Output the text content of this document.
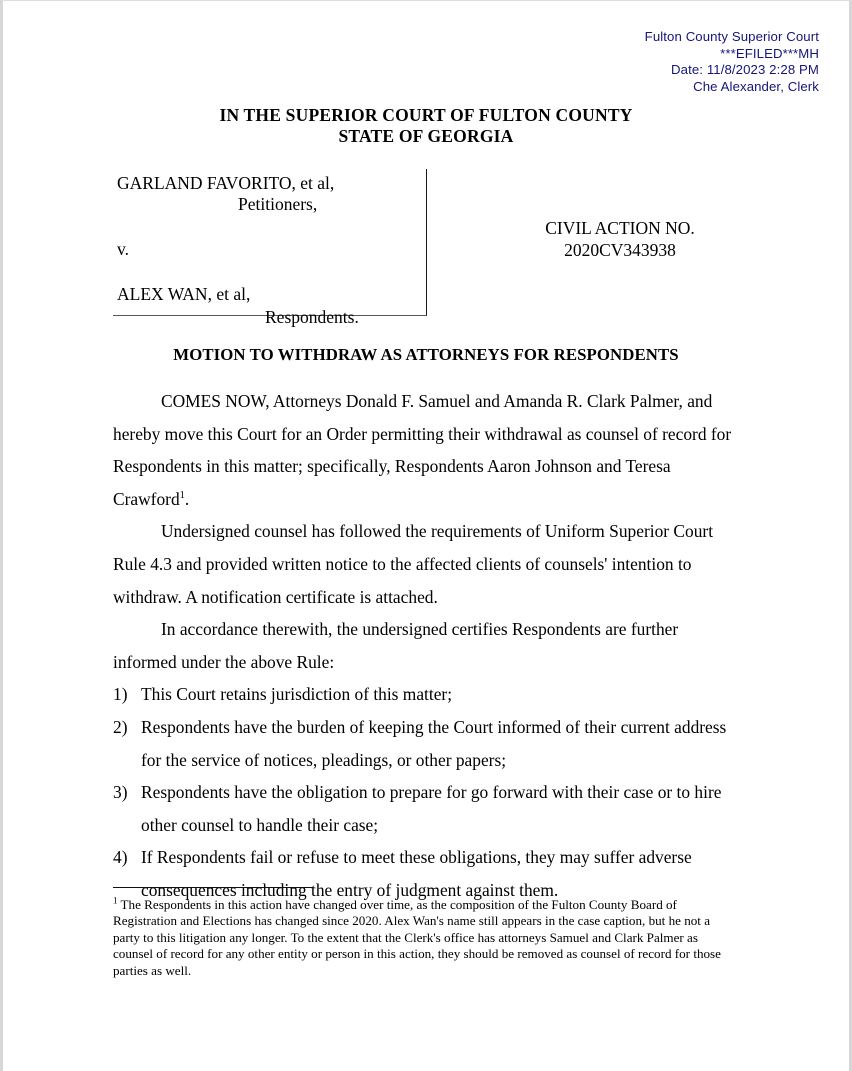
Fulton County Superior Court
***EFILED***MH
Date: 11/8/2023 2:28 PM
Che Alexander, Clerk
IN THE SUPERIOR COURT OF FULTON COUNTY
STATE OF GEORGIA
GARLAND FAVORITO, et al,
Petitioners,
v.
ALEX WAN, et al,
Respondents.
CIVIL ACTION NO.
2020CV343938
MOTION TO WITHDRAW AS ATTORNEYS FOR RESPONDENTS

COMES NOW, Attorneys Donald F. Samuel and Amanda R. Clark Palmer, and hereby move this Court for an Order permitting their withdrawal as counsel of record for Respondents in this matter; specifically, Respondents Aaron Johnson and Teresa Crawford$^1$.

Undersigned counsel has followed the requirements of Uniform Superior Court Rule 4.3 and provided written notice to the affected clients of counsels' intention to withdraw. A notification certificate is attached.

In accordance therewith, the undersigned certifies Respondents are further informed under the above Rule:

1) This Court retains jurisdiction of this matter;
2) Respondents have the burden of keeping the Court informed of their current address for the service of notices, pleadings, or other papers;
3) Respondents have the obligation to prepare for go forward with their case or to hire other counsel to handle their case;
4) If Respondents fail or refuse to meet these obligations, they may suffer adverse consequences including the entry of judgment against them.
$^1$ The Respondents in this action have changed over time, as the composition of the Fulton County Board of Registration and Elections has changed since 2020. Alex Wan's name still appears in the case caption, but he not a party to this litigation any longer. To the extent that the Clerk's office has attorneys Samuel and Clark Palmer as counsel of record for any other entity or person in this action, they should be removed as counsel of record for those parties as well.
